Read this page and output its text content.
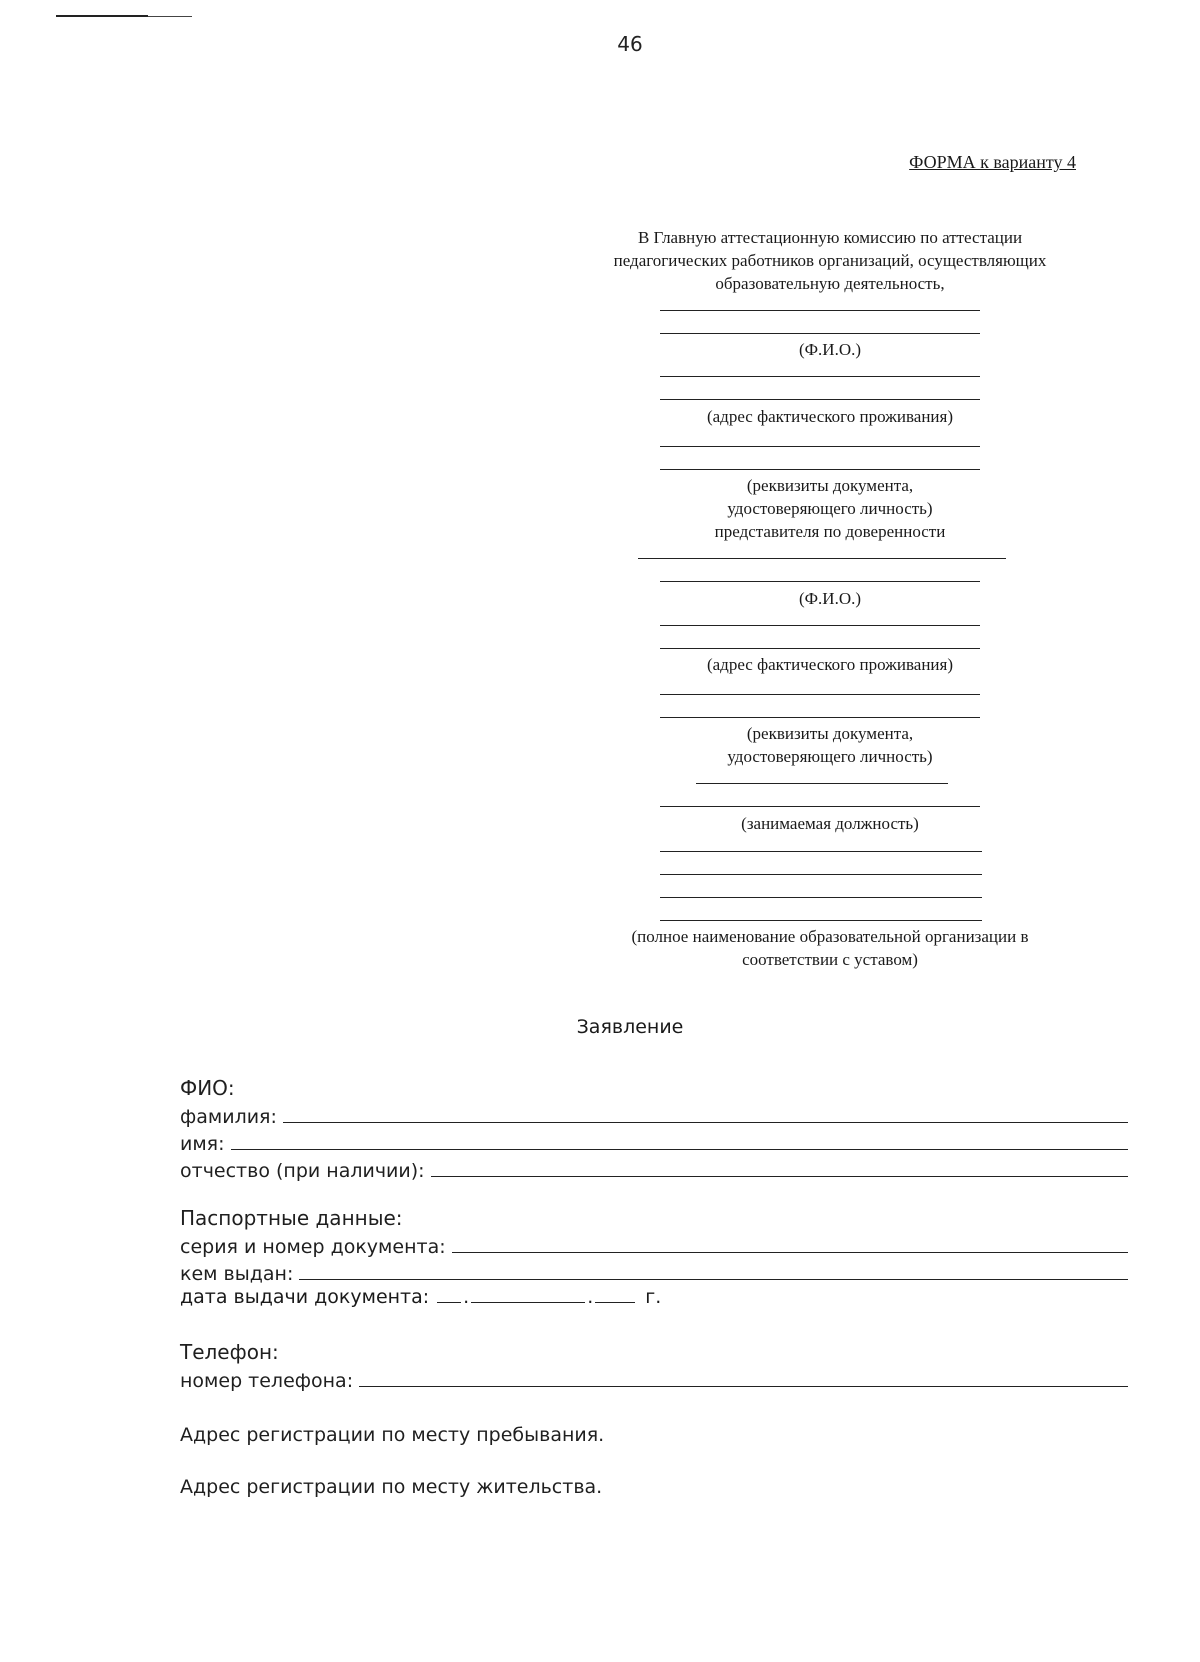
46
ФОРМА к варианту 4
В Главную аттестационную комиссию по аттестации
педагогических работников организаций, осуществляющих
образовательную деятельность,
(Ф.И.О.)
(адрес фактического проживания)
(реквизиты документа,
удостоверяющего личность)
представителя по доверенности
(Ф.И.О.)
(адрес фактического проживания)
(реквизиты документа,
удостоверяющего личность)
(занимаемая должность)
(полное наименование образовательной организации в
соответствии с уставом)
Заявление
ФИО:
фамилия:
имя:
отчество (при наличии):
Паспортные данные:
серия и номер документа:
кем выдан:
дата выдачи документа: .	.	г.
Телефон:
номер телефона:
Адрес регистрации по месту пребывания.
Адрес регистрации по месту жительства.
